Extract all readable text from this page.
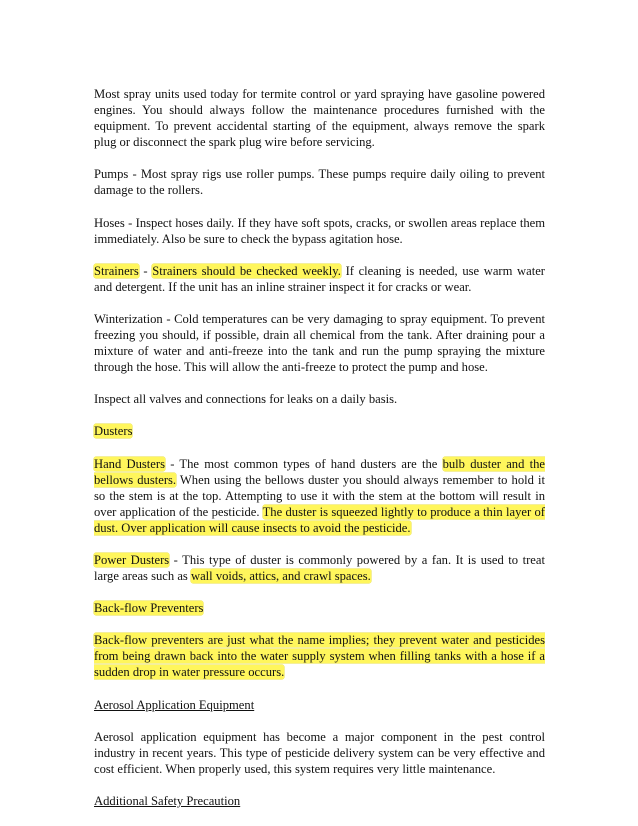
Most spray units used today for termite control or yard spraying have gasoline powered engines. You should always follow the maintenance procedures furnished with the equipment. To prevent accidental starting of the equipment, always remove the spark plug or disconnect the spark plug wire before servicing.

Pumps - Most spray rigs use roller pumps. These pumps require daily oiling to prevent damage to the rollers.

Hoses - Inspect hoses daily. If they have soft spots, cracks, or swollen areas replace them immediately. Also be sure to check the bypass agitation hose.

Strainers - Strainers should be checked weekly. If cleaning is needed, use warm water and detergent. If the unit has an inline strainer inspect it for cracks or wear.

Winterization - Cold temperatures can be very damaging to spray equipment. To prevent freezing you should, if possible, drain all chemical from the tank. After draining pour a mixture of water and anti-freeze into the tank and run the pump spraying the mixture through the hose. This will allow the anti-freeze to protect the pump and hose.

Inspect all valves and connections for leaks on a daily basis.

Dusters

Hand Dusters - The most common types of hand dusters are the bulb duster and the bellows dusters. When using the bellows duster you should always remember to hold it so the stem is at the top. Attempting to use it with the stem at the bottom will result in over application of the pesticide. The duster is squeezed lightly to produce a thin layer of dust. Over application will cause insects to avoid the pesticide.

Power Dusters - This type of duster is commonly powered by a fan. It is used to treat large areas such as wall voids, attics, and crawl spaces.

Back-flow Preventers

Back-flow preventers are just what the name implies; they prevent water and pesticides from being drawn back into the water supply system when filling tanks with a hose if a sudden drop in water pressure occurs.

Aerosol Application Equipment

Aerosol application equipment has become a major component in the pest control industry in recent years. This type of pesticide delivery system can be very effective and cost efficient. When properly used, this system requires very little maintenance.

Additional Safety Precaution
